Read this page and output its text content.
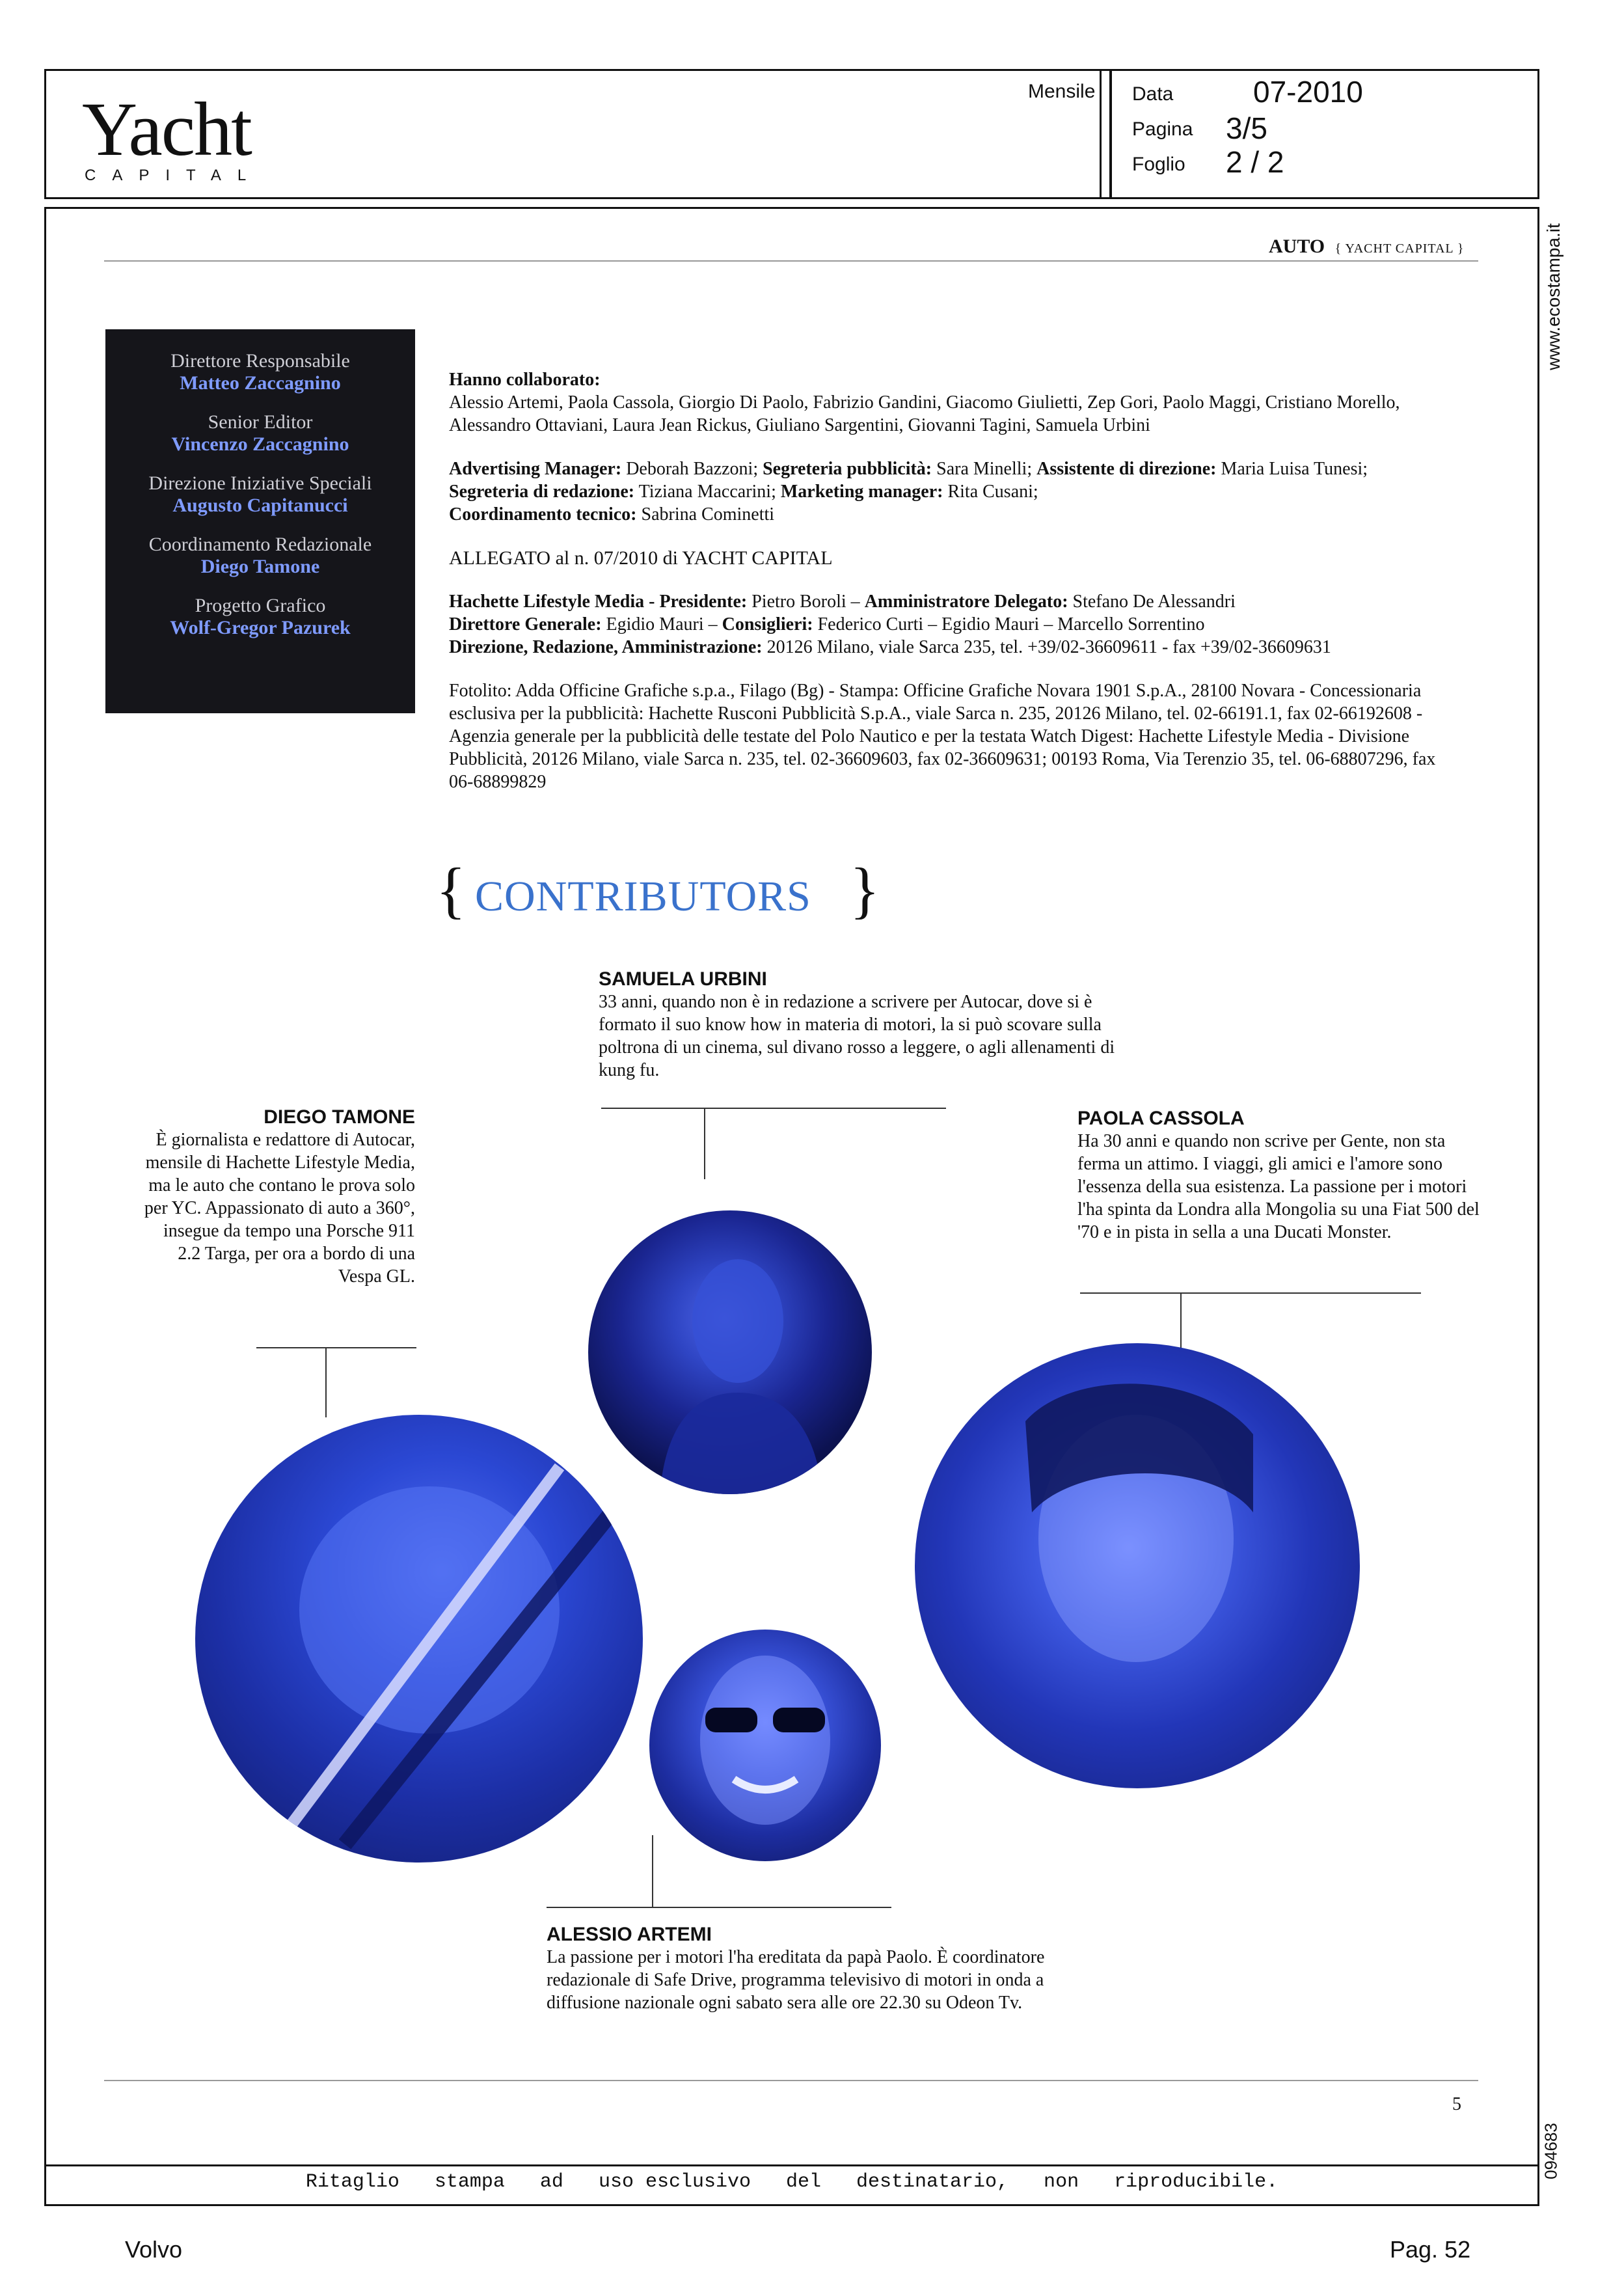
Yacht
CAPITAL
Mensile Data	07-2010
Pagina 3/5
Foglio 2 / 2
www.ecostampa.it
094683
AUTO { YACHT CAPITAL }
Direttore Responsabile
Matteo Zaccagnino
Senior Editor
Vincenzo Zaccagnino
Direzione Iniziative Speciali
Augusto Capitanucci
Coordinamento Redazionale
Diego Tamone
Progetto Grafico
Wolf-Gregor Pazurek

Hanno collaborato:
Alessio Artemi, Paola Cassola, Giorgio Di Paolo, Fabrizio Gandini, Giacomo Giulietti, Zep Gori, Paolo Maggi, Cristiano Morello, Alessandro Ottaviani, Laura Jean Rickus, Giuliano Sargentini, Giovanni Tagini, Samuela Urbini

Advertising Manager: Deborah Bazzoni; Segreteria pubblicità: Sara Minelli; Assistente di direzione: Maria Luisa Tunesi; Segreteria di redazione: Tiziana Maccarini; Marketing manager: Rita Cusani;
Coordinamento tecnico: Sabrina Cominetti

ALLEGATO al n. 07/2010 di YACHT CAPITAL

Hachette Lifestyle Media - Presidente: Pietro Boroli – Amministratore Delegato: Stefano De Alessandri
Direttore Generale: Egidio Mauri – Consiglieri: Federico Curti – Egidio Mauri – Marcello Sorrentino
Direzione, Redazione, Amministrazione: 20126 Milano, viale Sarca 235, tel. +39/02-36609611 - fax +39/02-36609631

Fotolito: Adda Officine Grafiche s.p.a., Filago (Bg) - Stampa: Officine Grafiche Novara 1901 S.p.A., 28100 Novara - Concessionaria esclusiva per la pubblicità: Hachette Rusconi Pubblicità S.p.A., viale Sarca n. 235, 20126 Milano, tel. 02-66191.1, fax 02-66192608 - Agenzia generale per la pubblicità delle testate del Polo Nautico e per la testata Watch Digest: Hachette Lifestyle Media - Divisione Pubblicità, 20126 Milano, viale Sarca n. 235, tel. 02-36609603, fax 02-36609631; 00193 Roma, Via Terenzio 35, tel. 06-68807296, fax 06-68899829

{ CONTRIBUTORS }
SAMUELA URBINI
33 anni, quando non è in redazione a scrivere per Autocar, dove si è formato il suo know how in materia di motori, la si può scovare sulla poltrona di un cinema, sul divano rosso a leggere, o agli allenamenti di kung fu.
DIEGO TAMONE
È giornalista e redattore di Autocar, mensile di Hachette Lifestyle Media, ma le auto che contano le prova solo per YC. Appassionato di auto a 360°, insegue da tempo una Porsche 911 2.2 Targa, per ora a bordo di una Vespa GL.
PAOLA CASSOLA
Ha 30 anni e quando non scrive per Gente, non sta ferma un attimo. I viaggi, gli amici e l'amore sono l'essenza della sua esistenza. La passione per i motori l'ha spinta da Londra alla Mongolia su una Fiat 500 del '70 e in pista in sella a una Ducati Monster.
ALESSIO ARTEMI
La passione per i motori l'ha ereditata da papà Paolo. È coordinatore redazionale di Safe Drive, programma televisivo di motori in onda a diffusione nazionale ogni sabato sera alle ore 22.30 su Odeon Tv.
5
Ritaglio   stampa   ad   uso esclusivo   del   destinatario,   non   riproducibile.
Volvo	Pag. 52
